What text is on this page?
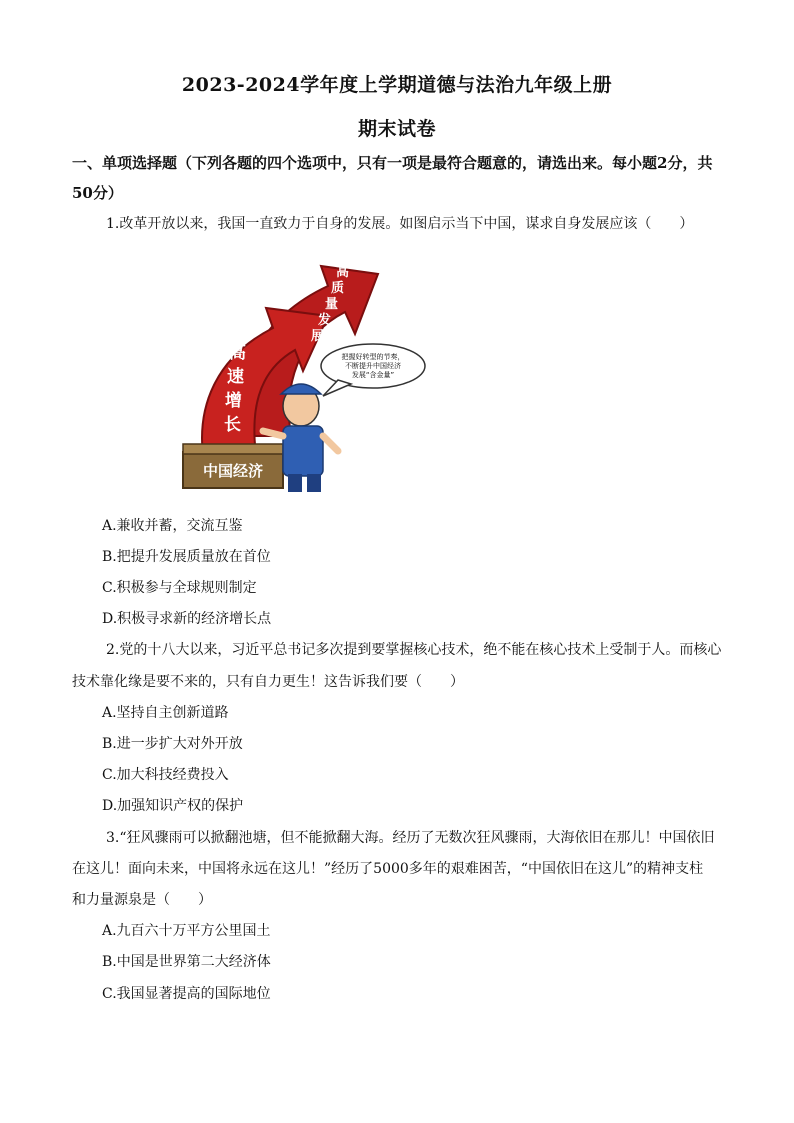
2023-2024学年度上学期道德与法治九年级上册
期末试卷
一、单项选择题（下列各题的四个选项中，只有一项是最符合题意的，请选出来。每小题2分，共50分）
1.改革开放以来，我国一直致力于自身的发展。如图启示当下中国，谋求自身发展应该（　　）
中国经济
高 速 增 长
高 质 量 发 展
把握好转型的节奏，
不断提升中国经济
发展“含金量”
A.兼收并蓄，交流互鉴
B.把提升发展质量放在首位
C.积极参与全球规则制定
D.积极寻求新的经济增长点
2.党的十八大以来，习近平总书记多次提到要掌握核心技术，绝不能在核心技术上受制于人。而核心
技术靠化缘是要不来的，只有自力更生！这告诉我们要（　　）
A.坚持自主创新道路
B.进一步扩大对外开放
C.加大科技经费投入
D.加强知识产权的保护
3.“狂风骤雨可以掀翻池塘，但不能掀翻大海。经历了无数次狂风骤雨，大海依旧在那儿！中国依旧
在这儿！面向未来，中国将永远在这儿！”经历了5000多年的艰难困苦，“中国依旧在这儿”的精神支柱
和力量源泉是（　　）
A.九百六十万平方公里国土
B.中国是世界第二大经济体
C.我国显著提高的国际地位
